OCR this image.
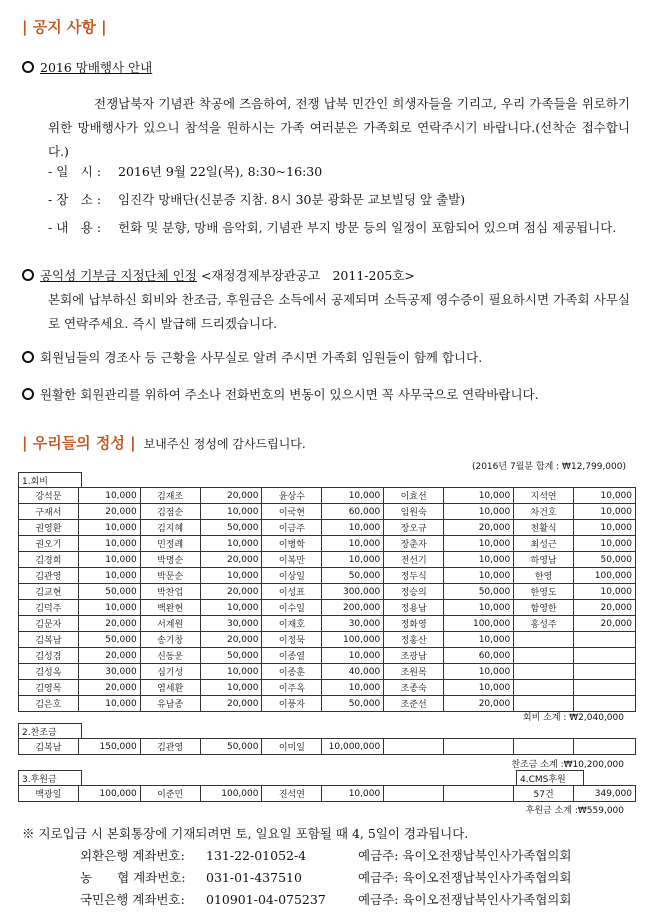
| 공지 사항 |
2016 망배행사 안내
전쟁납북자 기념관 착공에 즈음하여, 전쟁 납북 민간인 희생자들을 기리고, 우리 가족들을 위로하기 위한 망배행사가 있으니 참석을 원하시는 가족 여러분은 가족회로 연락주시기 바랍니다.(선착순 접수합니다.)
- 일　시 : 2016년 9월 22일(목), 8:30~16:30
- 장　소 : 임진각 망배단(신분증 지참. 8시 30분 광화문 교보빌딩 앞 출발)
- 내　용 : 헌화 및 분향, 망배 음악회, 기념관 부지 방문 등의 일정이 포함되어 있으며 점심 제공됩니다.
공익성 기부금 지정단체 인정 <재정경제부장관공고　2011-205호>
본회에 납부하신 회비와 찬조금, 후원금은 소득에서 공제되며 소득공제 영수증이 필요하시면 가족회 사무실로 연락주세요. 즉시 발급해 드리겠습니다.
회원님들의 경조사 등 근황을 사무실로 알려 주시면 가족회 임원들이 함께 합니다.
원활한 회원관리를 위하여 주소나 전화번호의 변동이 있으시면 꼭 사무국으로 연락바랍니다.
| 우리들의 정성 | 보내주신 정성에 감사드립니다.
(2016년 7월분 합계 : ₩12,799,000)
1.회비
강석문	10,000	김재조	20,000	윤상수	10,000	이효선	10,000	지석연	10,000
구재서	20,000	김점순	10,000	이국현	60,000	임원숙	10,000	차건호	10,000
권영환	10,000	김지혜	50,000	이금주	10,000	장오규	20,000	천활식	10,000
권오기	10,000	민정례	10,000	이병학	10,000	장춘자	10,000	최성근	10,000
김경희	10,000	박명순	20,000	이복만	10,000	전선기	10,000	하영남	50,000
김관영	10,000	박문순	10,000	이상일	50,000	정두식	10,000	한영	100,000
김교현	50,000	박찬업	20,000	이성표	300,000	정승의	50,000	한영도	10,000
김덕주	10,000	백완현	10,000	이수일	200,000	정용남	10,000	함영한	20,000
김문자	20,000	서계원	30,000	이재호	30,000	정화영	100,000	홍성주	20,000
김복남	50,000	송기창	20,000	이정묵	100,000	정홍산	10,000		
김성겸	20,000	신동운	50,000	이종열	10,000	조광남	60,000		
김성옥	30,000	심기성	10,000	이종훈	40,000	조원목	10,000		
김영목	20,000	염세환	10,000	이주옥	10,000	조종숙	10,000		
김은호	10,000	유남종	20,000	이풍자	50,000	조준선	20,000		
회비 소계 : ₩2,040,000
2.찬조금
김복남	150,000	김관영	50,000	이미일	10,000,000				
찬조금 소계 :₩10,200,000
3.후원금	4.CMS후원
백광일	100,000	이준민	100,000	진석연	10,000			57건	349,000
후원금 소계 :₩559,000
※ 지로입금 시 본회통장에 기재되려면 토, 일요일 포함될 때 4, 5일이 경과됩니다.
외환은행 계좌번호: 131-22-01052-4	예금주: 육이오전쟁납북인사가족협의회
농　　협 계좌번호: 031-01-437510	예금주: 육이오전쟁납북인사가족협의회
국민은행 계좌번호: 010901-04-075237	예금주: 육이오전쟁납북인사가족협의회
